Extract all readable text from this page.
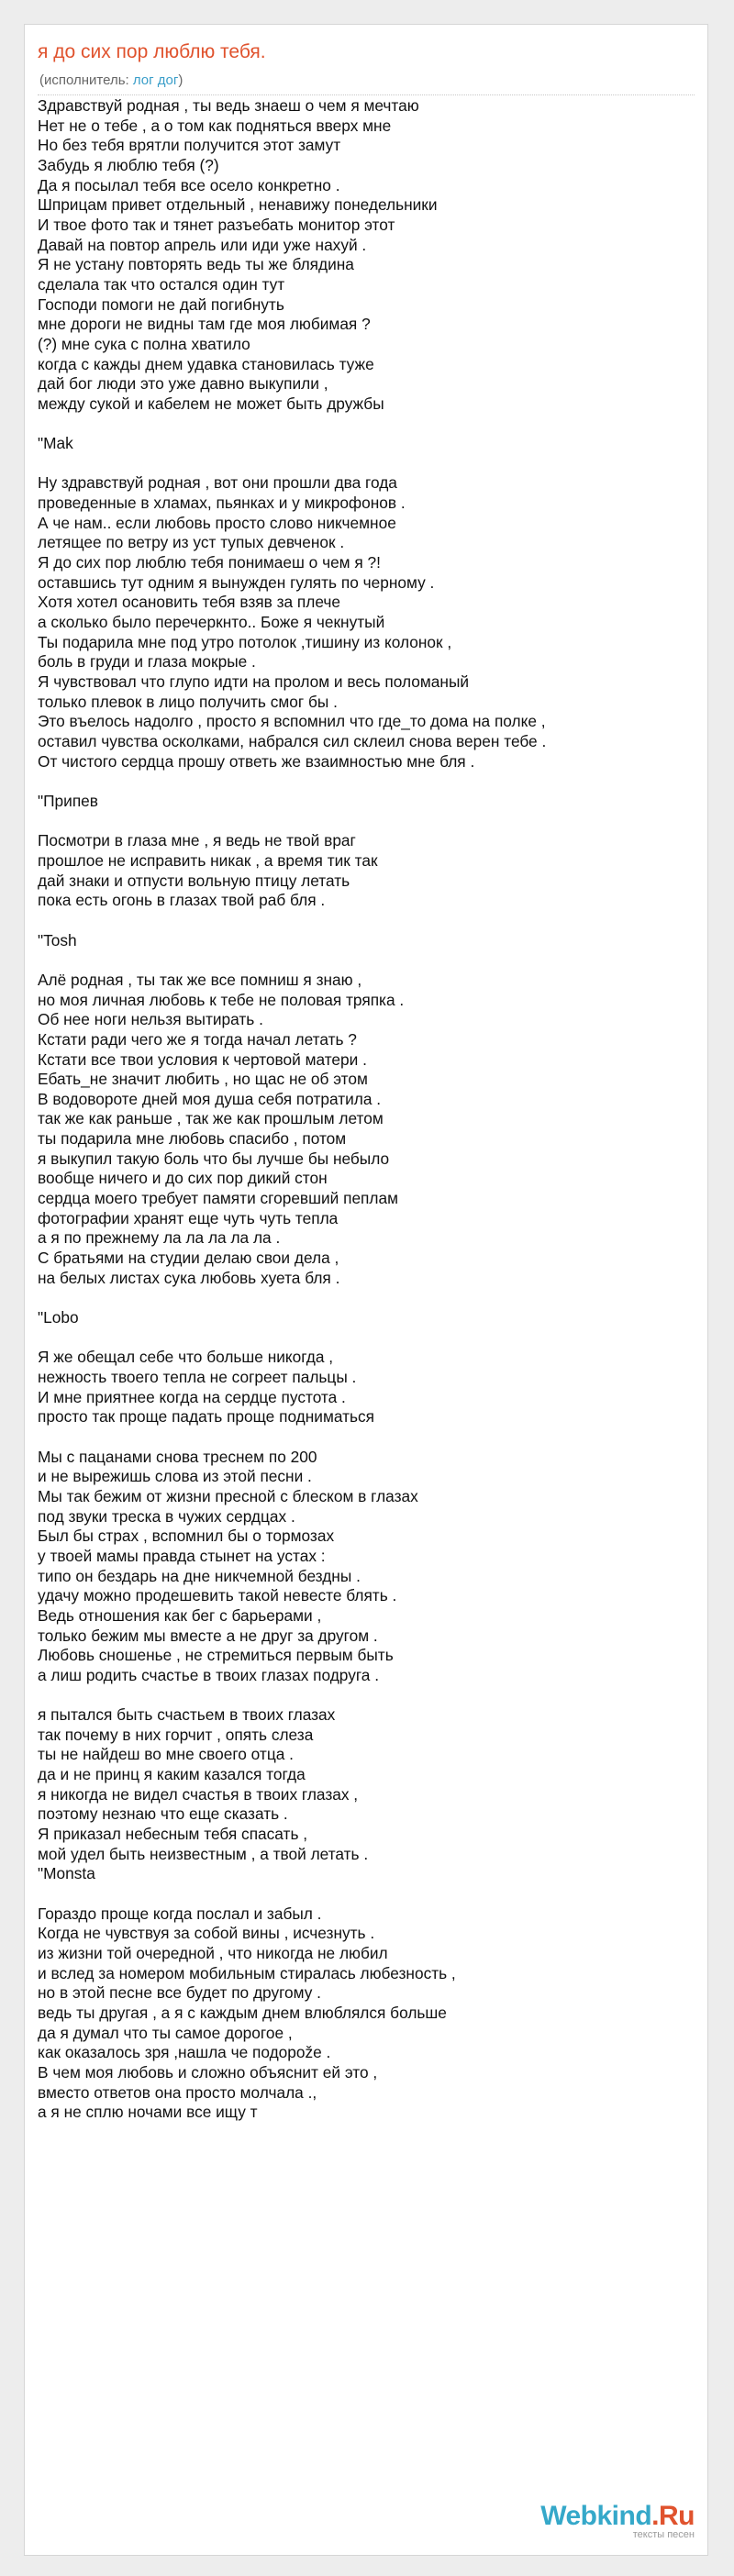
я до сих пор люблю тебя.
(исполнитель: лог дог)
Здравствуй родная , ты ведь знаеш о чем я мечтаю
Нет не о тебе , а о том как подняться вверх мне
Но без тебя врятли получится этот замут
Забудь я люблю тебя (?)
Да я посылал тебя все осело конкретно .
Шприцам привет отдельный , ненавижу понедельники
И твое фото так и тянет разъебать монитор этот
Давай на повтор апрель или иди уже нахуй .
Я не устану повторять ведь ты же блядина
сделала так что остался один тут
Господи помоги не дай погибнуть
мне дороги не видны там где моя любимая ?
(?) мне сука с полна хватило
когда с кажды днем удавка становилась туже
дай бог люди это уже давно выкупили ,
между сукой и кабелем не может быть дружбы
"Mak
Ну здравствуй родная , вот они прошли два года
проведенные в хламах, пьянках и у микрофонов .
А че нам.. если любовь просто слово никчемное
летящее по ветру из уст тупых девченок .
Я до сих пор люблю тебя понимаеш о чем я ?!
оставшись тут одним я вынужден гулять по черному .
Хотя хотел осановить тебя взяв за плече
а сколько было перечеркнто.. Боже я чекнутый
Ты подарила мне под утро потолок ,тишину из колонок ,
боль в груди и глаза мокрые .
Я чувствовал что глупо идти на пролом и весь поломаный
только плевок в лицо получить смог бы .
Это въелось надолго , просто я вспомнил что где_то дома на полке ,
оставил чувства осколками, набрался сил склеил снова верен тебе .
От чистого сердца прошу ответь же взаимностью мне бля .
"Припев
Посмотри в глаза мне , я ведь не твой враг
прошлое не исправить никак , а время тик так
дай знаки и отпусти вольную птицу летать
пока есть огонь в глазах твой раб бля .
"Tosh
Алё родная , ты так же все помниш я знаю ,
но моя личная любовь к тебе не половая тряпка .
Об нее ноги нельзя вытирать .
Кстати ради чего же я тогда начал летать ?
Кстати все твои условия к чертовой матери .
Ебать_не значит любить , но щас не об этом
В водовороте дней моя душа себя потратила .
так же как раньше , так же как прошлым летом
ты подарила мне любовь спасибо , потом
я выкупил такую боль что бы лучше бы небыло
вообще ничего и до сих пор дикий стон
сердца моего требует памяти сгоревший пеплам
фотографии хранят еще чуть чуть тепла
а я по прежнему ла ла ла ла ла .
С братьями на студии делаю свои дела ,
на белых листах сука любовь хуета бля .
"Lobo
Я же обещал себе что больше никогда ,
нежность твоего тепла не согреет пальцы .
И мне приятнее когда на сердце пустота .
просто так проще падать проще подниматься
Мы с пацанами снова треснем по 200
и не вырежишь слова из этой песни .
Мы так бежим от жизни пресной с блеском в глазах
под звуки треска в чужих сердцах .
Был бы страх , вспомнил бы о тормозах
у твоей мамы правда стынет на устах :
типо он бездарь на дне никчемной бездны .
удачу можно продешевить такой невесте блять .
Ведь отношения как бег с барьерами ,
только бежим мы вместе а не друг за другом .
Любовь сношенье , не стремиться первым быть
а лиш родить счастье в твоих глазах подруга .
я пытался быть счастьем в твоих глазах
так почему в них горчит , опять слеза
ты не найдеш во мне своего отца .
да и не принц я каким казался тогда
я никогда не видел счастья в твоих глазах ,
поэтому незнаю что еще сказать .
Я приказал небесным тебя спасать ,
мой удел быть неизвестным , а твой летать .
"Monsta
Гораздо проще когда послал и забыл .
Когда не чувствуя за собой вины , исчезнуть .
из жизни той очередной , что никогда не любил
и вслед за номером мобильным стиралась любезность ,
но в этой песне все будет по другому .
ведь ты другая , а я с каждым днем влюблялся больше
да я думал что ты самое дорогое ,
как оказалось зря ,нашла че подорože .
В чем моя любовь и сложно объяснит ей это ,
вместо ответов она просто молчала .,
а я не сплю ночами все ищу т
Webkind.Ru
тексты песен
